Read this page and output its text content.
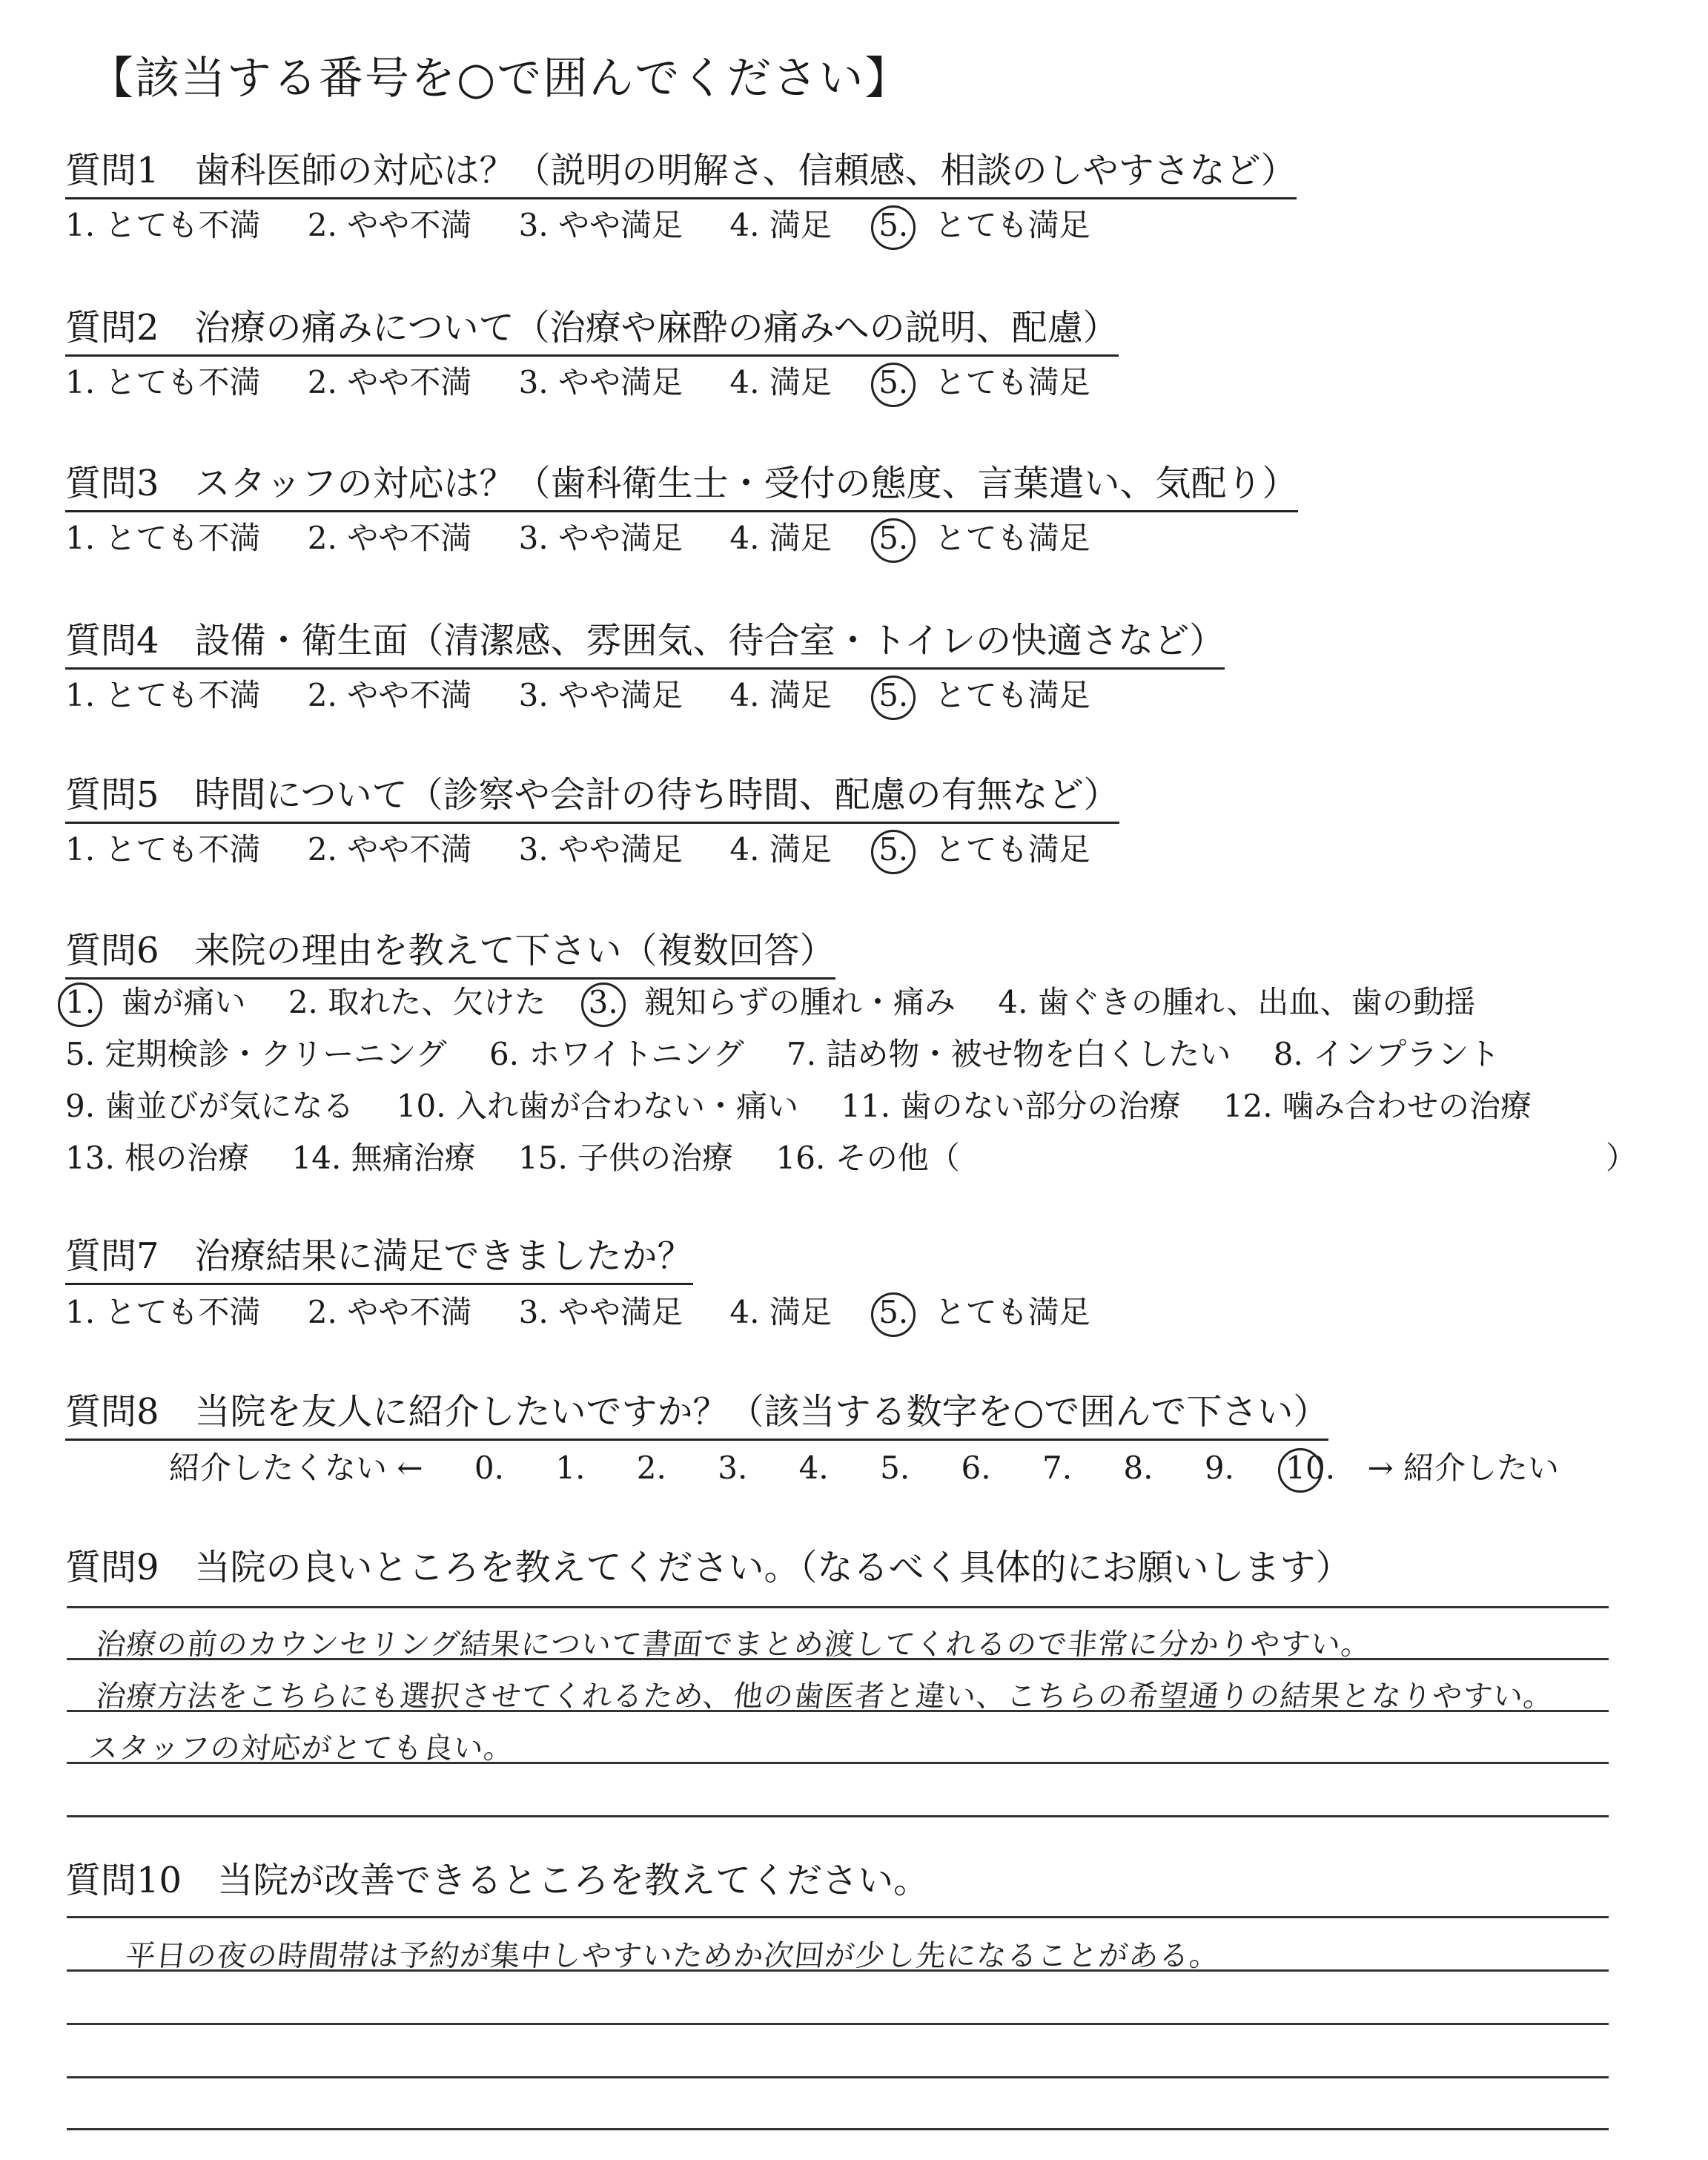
【該当する番号を○で囲んでください】
質問1　歯科医師の対応は？（説明の明解さ、信頼感、相談のしやすさなど）
1. とても不満 2. やや不満 3. やや満足 4. 満足 5. とても満足
質問2　治療の痛みについて（治療や麻酔の痛みへの説明、配慮）
1. とても不満 2. やや不満 3. やや満足 4. 満足 5. とても満足
質問3　スタッフの対応は？（歯科衛生士・受付の態度、言葉遣い、気配り）
1. とても不満 2. やや不満 3. やや満足 4. 満足 5. とても満足
質問4　設備・衛生面（清潔感、雰囲気、待合室・トイレの快適さなど）
1. とても不満 2. やや不満 3. やや満足 4. 満足 5. とても満足
質問5　時間について（診察や会計の待ち時間、配慮の有無など）
1. とても不満 2. やや不満 3. やや満足 4. 満足 5. とても満足
質問6　来院の理由を教えて下さい（複数回答）
1. 歯が痛い 2. 取れた、欠けた 3. 親知らずの腫れ・痛み 4. 歯ぐきの腫れ、出血、歯の動揺
5. 定期検診・クリーニング 6. ホワイトニング 7. 詰め物・被せ物を白くしたい 8. インプラント
9. 歯並びが気になる 10. 入れ歯が合わない・痛い 11. 歯のない部分の治療 12. 噛み合わせの治療
13. 根の治療 14. 無痛治療 15. 子供の治療 16. その他（	）
質問7　治療結果に満足できましたか？
1. とても不満 2. やや不満 3. やや満足 4. 満足 5. とても満足
質問8　当院を友人に紹介したいですか？（該当する数字を○で囲んで下さい）
紹介したくない ← 0. 1. 2. 3. 4. 5. 6. 7. 8. 9. 10. → 紹介したい
質問9　当院の良いところを教えてください。（なるべく具体的にお願いします）
治療の前のカウンセリング結果について書面でまとめ渡してくれるので非常に分かりやすい。
治療方法をこちらにも選択させてくれるため、他の歯医者と違い、こちらの希望通りの結果となりやすい。
スタッフの対応がとても良い。
質問10　当院が改善できるところを教えてください。
平日の夜の時間帯は予約が集中しやすいためか次回が少し先になることがある。
